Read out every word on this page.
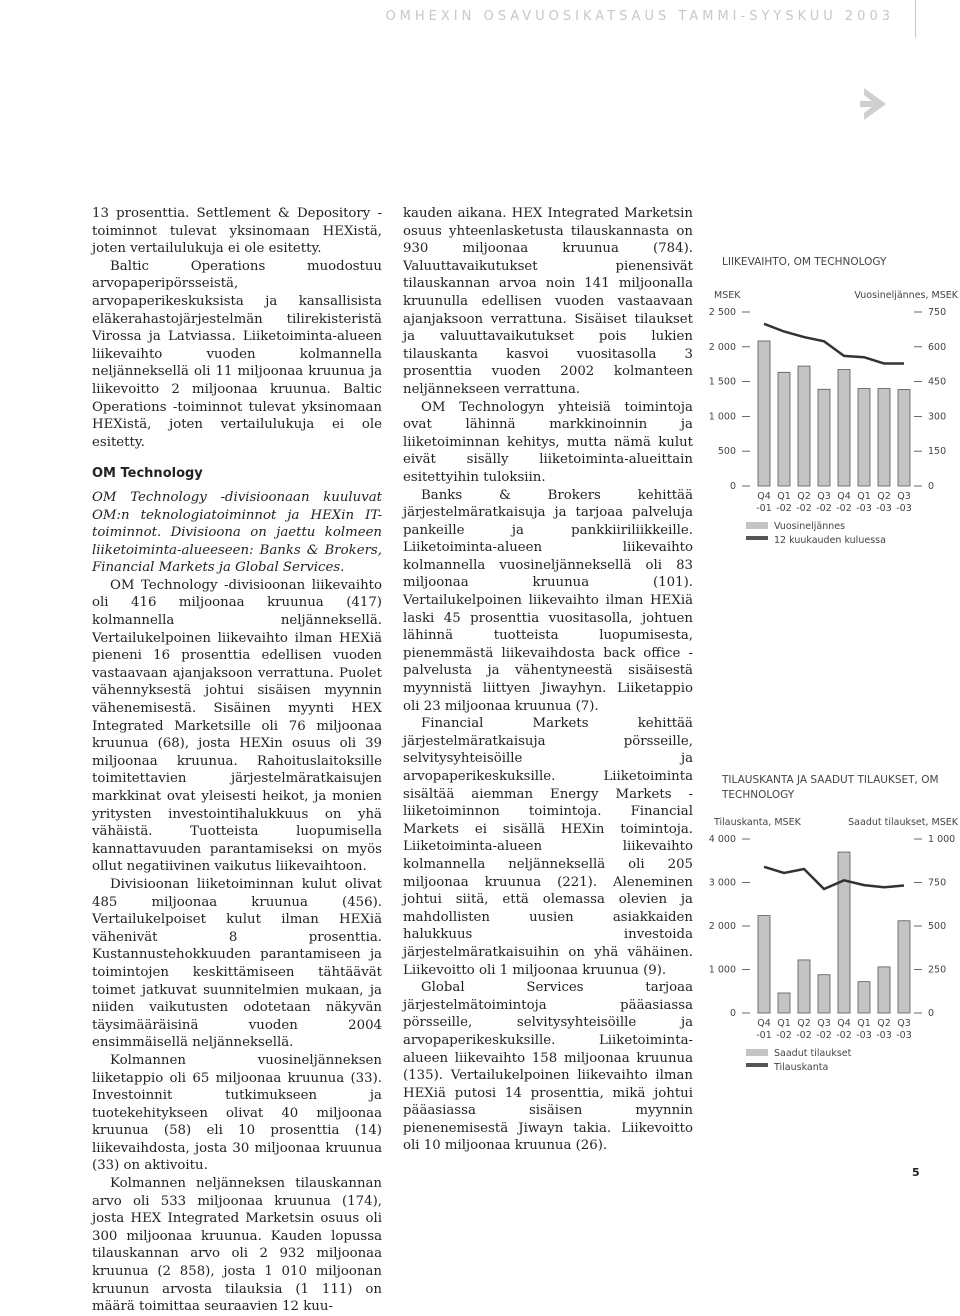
OMHEXIN OSAVUOSIKATSAUS TAMMI-SYYSKUU 2003

13 prosenttia. Settlement & Depository -toiminnot tulevat yksinomaan HEXistä, joten vertailulukuja ei ole esitetty.

Baltic Operations muodostuu arvopaperipörsseistä, arvopaperikeskuksista ja kansallisista eläkerahastojärjestelmän tilirekisteristä Virossa ja Latviassa. Liiketoiminta-alueen liikevaihto vuoden kolmannella neljänneksellä oli 11 miljoonaa kruunua ja liikevoitto 2 miljoonaa kruunua. Baltic Operations -toiminnot tulevat yksinomaan HEXistä, joten vertailulukuja ei ole esitetty.

OM Technology

OM Technology -divisioonaan kuuluvat OM:n teknologiatoiminnot ja HEXin IT-toiminnot. Divisioona on jaettu kolmeen liiketoiminta-alueeseen: Banks & Brokers, Financial Markets ja Global Services.

OM Technology -divisioonan liikevaihto oli 416 miljoonaa kruunua (417) kolmannella neljänneksellä. Vertailukelpoinen liikevaihto ilman HEXiä pieneni 16 prosenttia edellisen vuoden vastaavaan ajanjaksoon verrattuna. Puolet vähennyksestä johtui sisäisen myynnin vähenemisestä. Sisäinen myynti HEX Integrated Marketsille oli 76 miljoonaa kruunua (68), josta HEXin osuus oli 39 miljoonaa kruunua. Rahoituslaitoksille toimitettavien järjestelmäratkaisujen markkinat ovat yleisesti heikot, ja monien yritysten investointihalukkuus on yhä vähäistä. Tuotteista luopumisella kannattavuuden parantamiseksi on myös ollut negatiivinen vaikutus liikevaihtoon.

Divisioonan liiketoiminnan kulut olivat 485 miljoonaa kruunua (456). Vertailukelpoiset kulut ilman HEXiä vähenivät 8 prosenttia. Kustannustehokkuuden parantamiseen ja toimintojen keskittämiseen tähtäävät toimet jatkuvat suunnitelmien mukaan, ja niiden vaikutusten odotetaan näkyvän täysimääräisinä vuoden 2004 ensimmäisellä neljänneksellä.

Kolmannen vuosineljänneksen liiketappio oli 65 miljoonaa kruunua (33). Investoinnit tutkimukseen ja tuotekehitykseen olivat 40 miljoonaa kruunua (58) eli 10 prosenttia (14) liikevaihdosta, josta 30 miljoonaa kruunua (33) on aktivoitu.

Kolmannen neljänneksen tilauskannan arvo oli 533 miljoonaa kruunua (174), josta HEX Integrated Marketsin osuus oli 300 miljoonaa kruunua. Kauden lopussa tilauskannan arvo oli 2 932 miljoonaa kruunua (2 858), josta 1 010 miljoonan kruunun arvosta tilauksia (1 111) on määrä toimittaa seuraavien 12 kuu-

kauden aikana. HEX Integrated Marketsin osuus yhteenlasketusta tilauskannasta on 930 miljoonaa kruunua (784). Valuuttavaikutukset pienensivät tilauskannan arvoa noin 141 miljoonalla kruunulla edellisen vuoden vastaavaan ajanjaksoon verrattuna. Sisäiset tilaukset ja valuuttavaikutukset pois lukien tilauskanta kasvoi vuositasolla 3 prosenttia vuoden 2002 kolmanteen neljännekseen verrattuna.

OM Technologyn yhteisiä toimintoja ovat lähinnä markkinoinnin ja liiketoiminnan kehitys, mutta nämä kulut eivät sisälly liiketoiminta-alueittain esitettyihin tuloksiin.

Banks & Brokers kehittää järjestelmäratkaisuja ja tarjoaa palveluja pankeille ja pankkiiriliikkeille. Liiketoiminta-alueen liikevaihto kolmannella vuosineljänneksellä oli 83 miljoonaa kruunua (101). Vertailukelpoinen liikevaihto ilman HEXiä laski 45 prosenttia vuositasolla, johtuen lähinnä tuotteista luopumisesta, pienemmästä liikevaihdosta back office -palvelusta ja vähentyneestä sisäisestä myynnistä liittyen Jiwayhyn. Liiketappio oli 23 miljoonaa kruunua (7).

Financial Markets kehittää järjestelmäratkaisuja pörsseille, selvitysyhteisöille ja arvopaperikeskuksille. Liiketoiminta sisältää aiemman Energy Markets -liiketoiminnon toimintoja. Financial Markets ei sisällä HEXin toimintoja. Liiketoiminta-alueen liikevaihto kolmannella neljänneksellä oli 205 miljoonaa kruunua (221). Aleneminen johtui siitä, että olemassa olevien ja mahdollisten uusien asiakkaiden halukkuus investoida järjestelmäratkaisuihin on yhä vähäinen. Liikevoitto oli 1 miljoonaa kruunua (9).

Global Services tarjoaa järjestelmätoimintoja pääasiassa pörsseille, selvitysyhteisöille ja arvopaperikeskuksille. Liiketoiminta-alueen liikevaihto 158 miljoonaa kruunua (135). Vertailukelpoinen liikevaihto ilman HEXiä putosi 14 prosenttia, mikä johtui pääasiassa sisäisen myynnin pienenemisestä Jiwayn takia. Liikevoitto oli 10 miljoonaa kruunua (26).

LIIKEVAIHTO, OM TECHNOLOGY
MSEK	Vuosineljännes, MSEK
0
500
1 000
1 500
2 000
2 500
0
150
300
450
600
750
Q4
-01
Q1
-02
Q2
-02
Q3
-02
Q4
-02
Q1
-03
Q2
-03
Q3
-03
Vuosineljännes
12 kuukauden kuluessa
TILAUSKANTA JA SAADUT TILAUKSET, OM TECHNOLOGY
Tilauskanta, MSEK	Saadut tilaukset, MSEK
0
1 000
2 000
3 000
4 000
0
250
500
750
1 000
Q4
-01
Q1
-02
Q2
-02
Q3
-02
Q4
-02
Q1
-03
Q2
-03
Q3
-03
Saadut tilaukset
Tilauskanta
5
